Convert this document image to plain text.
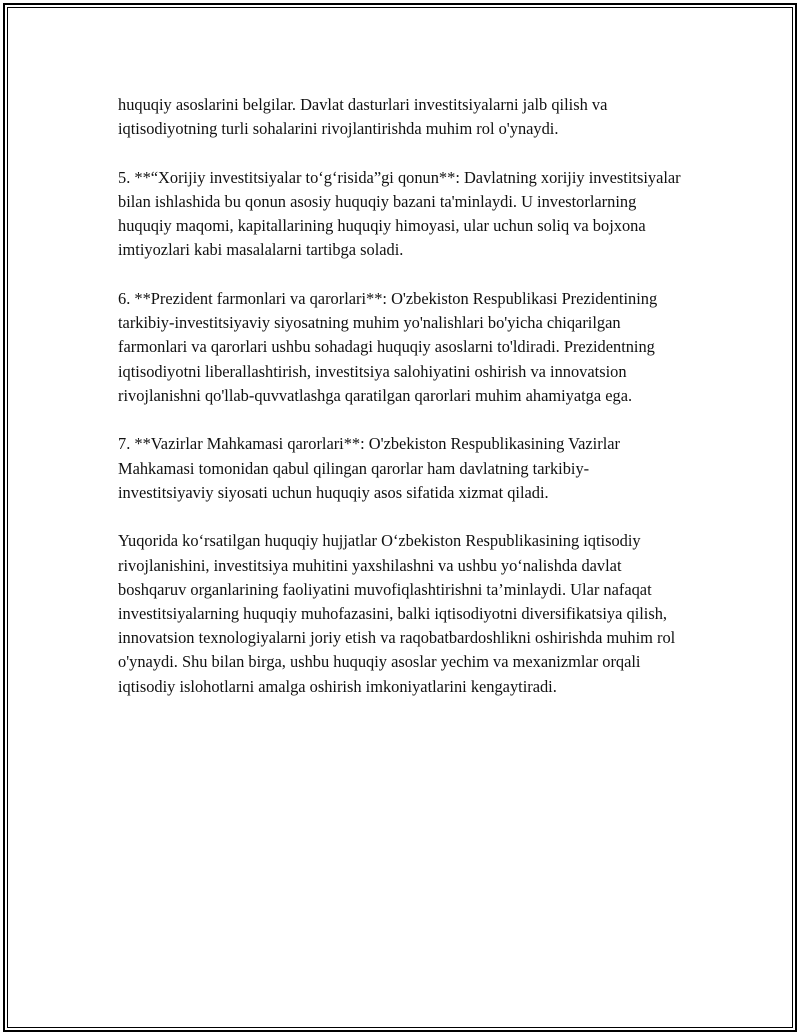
huquqiy asoslarini belgilar. Davlat dasturlari investitsiyalarni jalb qilish va iqtisodiyotning turli sohalarini rivojlantirishda muhim rol o'ynaydi.

5. **“Xorijiy investitsiyalar to‘g‘risida”gi qonun**: Davlatning xorijiy investitsiyalar bilan ishlashida bu qonun asosiy huquqiy bazani ta'minlaydi. U investorlarning huquqiy maqomi, kapitallarining huquqiy himoyasi, ular uchun soliq va bojxona imtiyozlari kabi masalalarni tartibga soladi.

6. **Prezident farmonlari va qarorlari**: O'zbekiston Respublikasi Prezidentining tarkibiy-investitsiyaviy siyosatning muhim yo'nalishlari bo'yicha chiqarilgan farmonlari va qarorlari ushbu sohadagi huquqiy asoslarni to'ldiradi. Prezidentning iqtisodiyotni liberallashtirish, investitsiya salohiyatini oshirish va innovatsion rivojlanishni qo'llab-quvvatlashga qaratilgan qarorlari muhim ahamiyatga ega.

7. **Vazirlar Mahkamasi qarorlari**: O'zbekiston Respublikasining Vazirlar Mahkamasi tomonidan qabul qilingan qarorlar ham davlatning tarkibiy-investitsiyaviy siyosati uchun huquqiy asos sifatida xizmat qiladi.

Yuqorida ko‘rsatilgan huquqiy hujjatlar O‘zbekiston Respublikasining iqtisodiy rivojlanishini, investitsiya muhitini yaxshilashni va ushbu yo‘nalishda davlat boshqaruv organlarining faoliyatini muvofiqlashtirishni ta’minlaydi. Ular nafaqat investitsiyalarning huquqiy muhofazasini, balki iqtisodiyotni diversifikatsiya qilish, innovatsion texnologiyalarni joriy etish va raqobatbardoshlikni oshirishda muhim rol o'ynaydi. Shu bilan birga, ushbu huquqiy asoslar yechim va mexanizmlar orqali iqtisodiy islohotlarni amalga oshirish imkoniyatlarini kengaytiradi.
